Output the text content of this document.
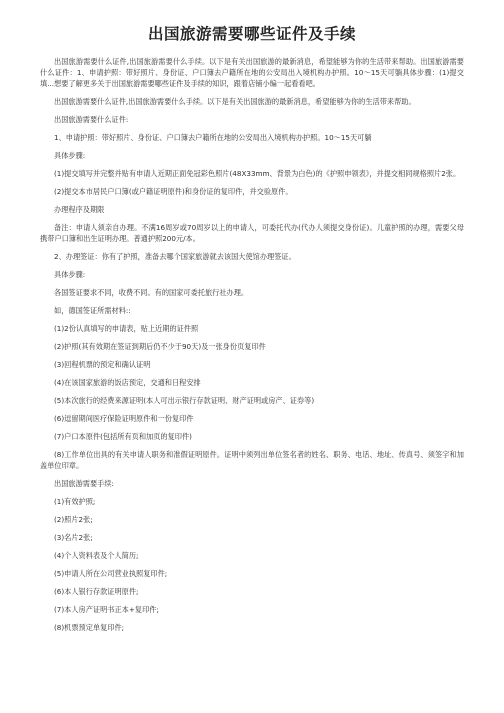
出国旅游需要哪些证件及手续

出国旅游需要什么证件,出国旅游需要什么手续。以下是有关出国旅游的最新消息，希望能够为你的生活带来帮助。出国旅游需要什么证件：1、申请护照：带好照片、身份证、户口簿去户籍所在地的公安局出入境机构办护照。10～15天可躺具体步骤：(1)提交填...想要了解更多关于出国旅游需要哪些证件及手续的知识，跟着店铺小编一起看看吧。

出国旅游需要什么证件,出国旅游需要什么手续。以下是有关出国旅游的最新消息，希望能够为你的生活带来帮助。

出国旅游需要什么证件:

1、申请护照：带好照片、身份证、户口簿去户籍所在地的公安局出入境机构办护照。10～15天可躺

具体步骤:

(1)提交填写并完整并贴有申请人近期正面免冠彩色照片(48X33mm、背景为白色)的《护照申领表》，并提交相同规格照片2张。

(2)提交本市居民户口簿(或户籍证明原件)和身份证的复印件，并交验原件。

办理程序及期限

备注：申请人须亲自办理。不满16周岁或70周岁以上的申请人，可委托代办(代办人须提交身份证)。儿童护照的办理，需要父母携带户口簿和出生证明办理。普通护照200元/本。

2、办理签证：你有了护照，准备去哪个国家旅游就去该国大使馆办理签证。

具体步骤:

各国签证要求不同，收费不同。有的国家可委托旅行社办理。

如，德国签证所需材料::

(1)2份认真填写的申请表，贴上近期的证件照

(2)护照(其有效期在签证到期后仍不少于90天)及一张身份页复印件

(3)回程机票的预定和确认证明

(4)在该国家旅游的饭店预定，交通和日程安排

(5)本次旅行的经费来源证明(本人可出示银行存款证明、财产证明或房产、证券等)

(6)逗留期间医疗保险证明原件和一份复印件

(7)户口本原件(包括所有页和加页的复印件)

(8)工作单位出具的有关申请人职务和准假证明原件。证明中须列出单位签名者的姓名、职务、电话、地址、传真号、须签字和加盖单位印章。

出国旅游需要手续:

(1)有效护照;

(2)照片2张;

(3)名片2张;

(4)个人资料表及个人简历;

(5)申请人所在公司营业执照复印件;

(6)本人银行存款证明原件;

(7)本人房产证明书正本+复印件;

(8)机票预定单复印件;
